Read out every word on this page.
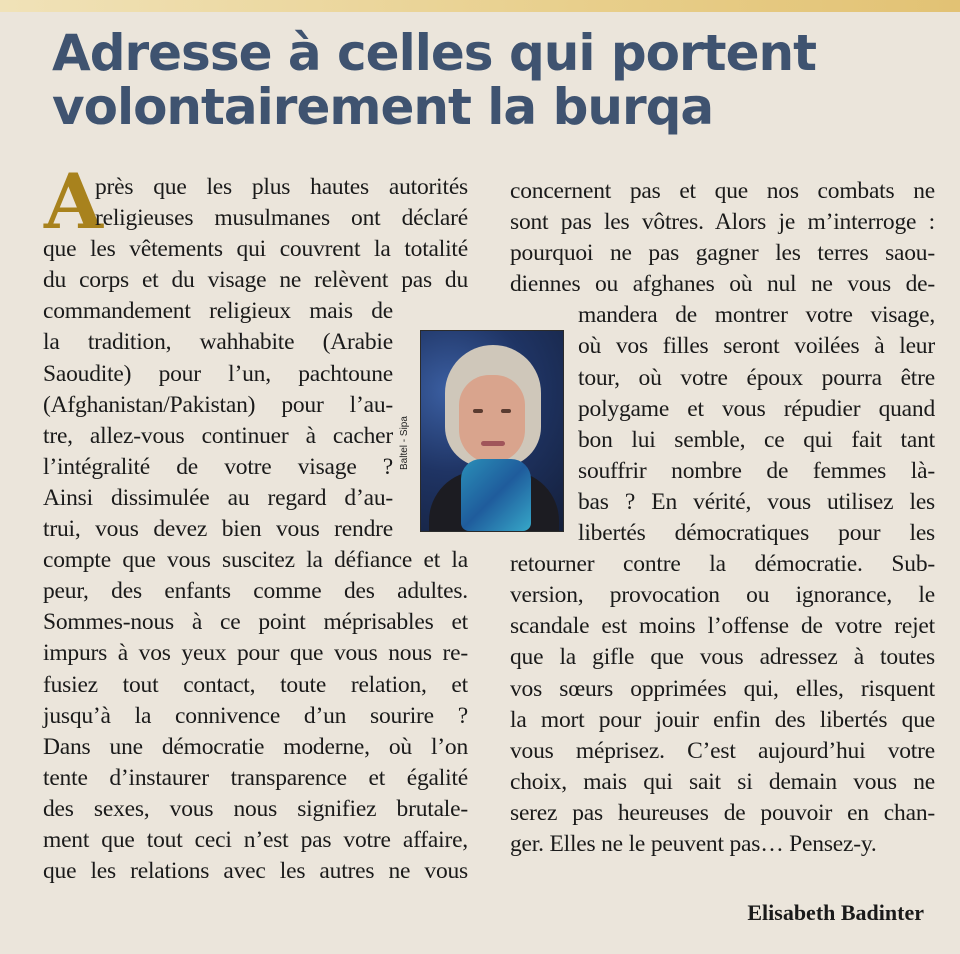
Adresse à celles qui portent
volontairement la burqa
A
près que les plus hautes autorités
religieuses musulmanes ont déclaré
que les vêtements qui couvrent la totalité
du corps et du visage ne relèvent pas du
commandement religieux mais de
la tradition, wahhabite (Arabie
Saoudite) pour l’un, pachtoune
(Afghanistan/Pakistan) pour l’au-
tre, allez-vous continuer à cacher
l’intégralité de votre visage ?
Ainsi dissimulée au regard d’au-
trui, vous devez bien vous rendre
compte que vous suscitez la défiance et la
peur, des enfants comme des adultes.
Sommes-nous à ce point méprisables et
impurs à vos yeux pour que vous nous re-
fusiez tout contact, toute relation, et
jusqu’à la connivence d’un sourire ?
Dans une démocratie moderne, où l’on
tente d’instaurer transparence et égalité
des sexes, vous nous signifiez brutale-
ment que tout ceci n’est pas votre affaire,
que les relations avec les autres ne vous
Baltel - Sipa
concernent pas et que nos combats ne
sont pas les vôtres. Alors je m’interroge :
pourquoi ne pas gagner les terres saou-
diennes ou afghanes où nul ne vous de-
mandera de montrer votre visage,
où vos filles seront voilées à leur
tour, où votre époux pourra être
polygame et vous répudier quand
bon lui semble, ce qui fait tant
souffrir nombre de femmes là-
bas ? En vérité, vous utilisez les
libertés démocratiques pour les
retourner contre la démocratie. Sub-
version, provocation ou ignorance, le
scandale est moins l’offense de votre rejet
que la gifle que vous adressez à toutes
vos sœurs opprimées qui, elles, risquent
la mort pour jouir enfin des libertés que
vous méprisez. C’est aujourd’hui votre
choix, mais qui sait si demain vous ne
serez pas heureuses de pouvoir en chan-
ger. Elles ne le peuvent pas… Pensez-y.
Elisabeth Badinter
